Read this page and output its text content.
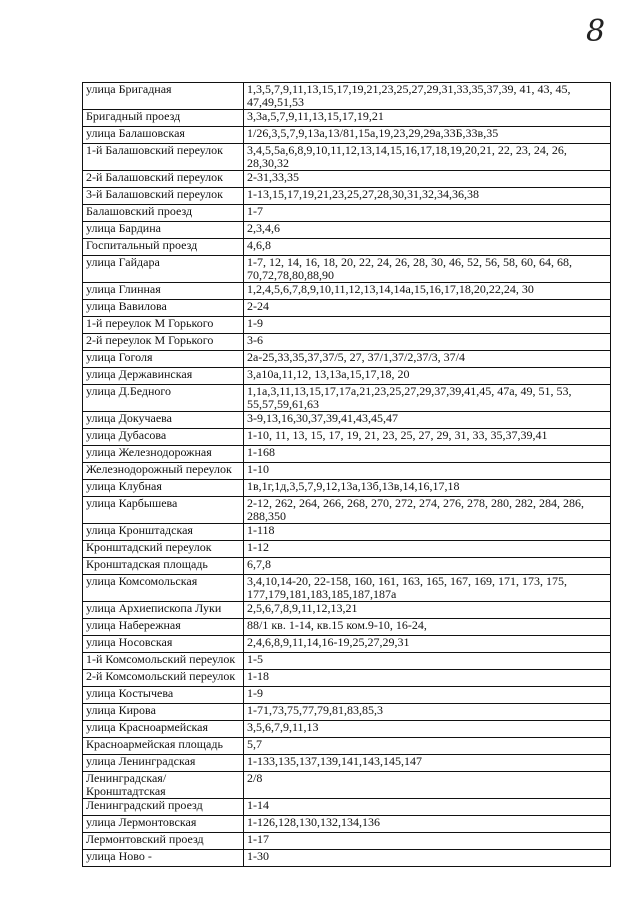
8
улица Бригадная	1,3,5,7,9,11,13,15,17,19,21,23,25,27,29,31,33,35,37,39, 41, 43, 45, 47,49,51,53
Бригадный проезд	3,3а,5,7,9,11,13,15,17,19,21
улица Балашовская	1/26,3,5,7,9,13а,13/81,15а,19,23,29,29а,33Б,33в,35
1-й Балашовский переулок	3,4,5,5а,6,8,9,10,11,12,13,14,15,16,17,18,19,20,21, 22, 23, 24, 26, 28,30,32
2-й Балашовский переулок	2-31,33,35
3-й Балашовский переулок	1-13,15,17,19,21,23,25,27,28,30,31,32,34,36,38
Балашовский проезд	1-7
улица Бардина	2,3,4,6
Госпитальный проезд	4,6,8
улица Гайдара	1-7, 12, 14, 16, 18, 20, 22, 24, 26, 28, 30, 46, 52, 56, 58, 60, 64, 68, 70,72,78,80,88,90
улица Глинная	1,2,4,5,6,7,8,9,10,11,12,13,14,14а,15,16,17,18,20,22,24, 30
улица Вавилова	2-24
1-й переулок М Горького	1-9
2-й переулок М Горького	3-6
улица Гоголя	2а-25,33,35,37,37/5, 27, 37/1,37/2,37/3, 37/4
улица Державинская	3,а10а,11,12, 13,13а,15,17,18, 20
улица Д.Бедного	1,1а,3,11,13,15,17,17а,21,23,25,27,29,37,39,41,45, 47а, 49, 51, 53, 55,57,59,61,63
улица Докучаева	3-9,13,16,30,37,39,41,43,45,47
улица Дубасова	1-10, 11, 13, 15, 17, 19, 21, 23, 25, 27, 29, 31, 33, 35,37,39,41
улица Железнодорожная	1-168
Железнодорожный переулок	1-10
улица Клубная	1в,1г,1д,3,5,7,9,12,13а,13б,13в,14,16,17,18
улица Карбышева	2-12, 262, 264, 266, 268, 270, 272, 274, 276, 278, 280, 282, 284, 286, 288,350
улица Кронштадская	1-118
Кронштадский переулок	1-12
Кронштадская площадь	6,7,8
улица Комсомольская	3,4,10,14-20, 22-158, 160, 161, 163, 165, 167, 169, 171, 173, 175, 177,179,181,183,185,187,187а
улица Архиепископа Луки	2,5,6,7,8,9,11,12,13,21
улица Набережная	88/1 кв. 1-14, кв.15 ком.9-10, 16-24,
улица Носовская	2,4,6,8,9,11,14,16-19,25,27,29,31
1-й Комсомольский переулок	1-5
2-й Комсомольский переулок	1-18
улица Костычева	1-9
улица Кирова	1-71,73,75,77,79,81,83,85,3
улица Красноармейская	3,5,6,7,9,11,13
Красноармейская площадь	5,7
улица Ленинградская	1-133,135,137,139,141,143,145,147
Ленинградская/ Кронштадтская	2/8
Ленинградский проезд	1-14
улица Лермонтовская	1-126,128,130,132,134,136
Лермонтовский проезд	1-17
улица Ново -	1-30
